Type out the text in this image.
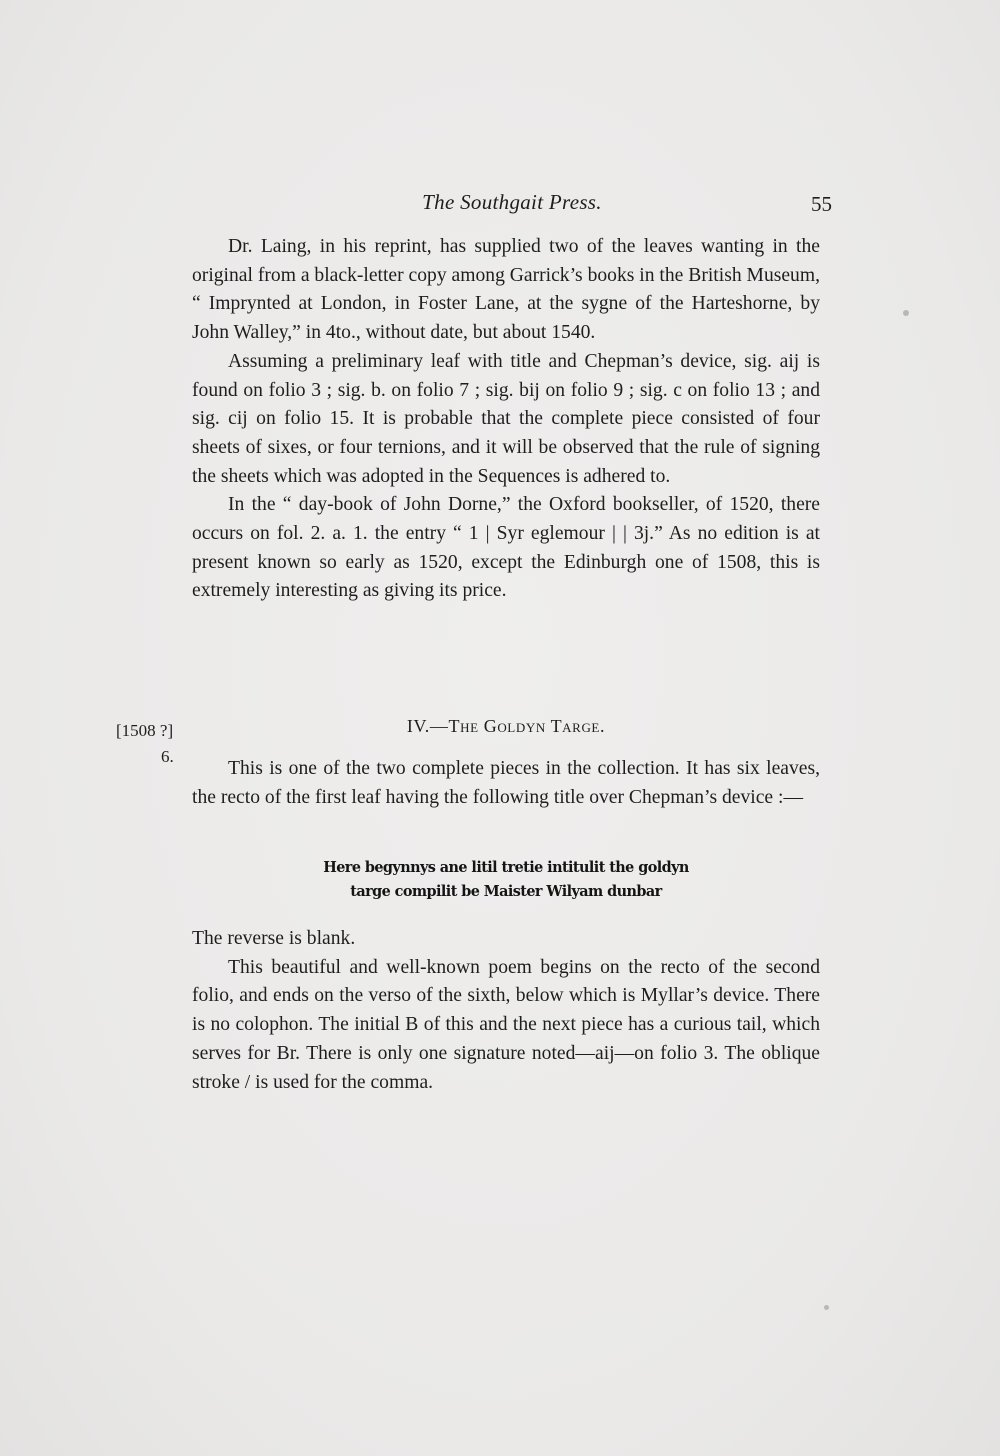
The Southgait Press.	55

Dr. Laing, in his reprint, has supplied two of the leaves wanting in the original from a black-letter copy among Garrick’s books in the British Museum, “ Imprynted at London, in Foster Lane, at the sygne of the Harteshorne, by John Walley,” in 4to., without date, but about 1540.

Assuming a preliminary leaf with title and Chepman’s device, sig. aij is found on folio 3 ; sig. b. on folio 7 ; sig. bij on folio 9 ; sig. c on folio 13 ; and sig. cij on folio 15. It is probable that the complete piece consisted of four sheets of sixes, or four ternions, and it will be observed that the rule of signing the sheets which was adopted in the Sequences is adhered to.

In the “ day-book of John Dorne,” the Oxford bookseller, of 1520, there occurs on fol. 2. a. 1. the entry “ 1 | Syr eglemour | | 3j.” As no edition is at present known so early as 1520, except the Edinburgh one of 1508, this is extremely interesting as giving its price.

[1508 ?]
6.
IV.—The Goldyn Targe.

This is one of the two complete pieces in the collection. It has six leaves, the recto of the first leaf having the following title over Chepman’s device :—

Here begynnys ane litil tretie intitulit the goldyn
targe compilit be Maister Wilyam dunbar

The reverse is blank.

This beautiful and well-known poem begins on the recto of the second folio, and ends on the verso of the sixth, below which is Myllar’s device. There is no colophon. The initial B of this and the next piece has a curious tail, which serves for Br. There is only one signature noted—aij—on folio 3. The oblique stroke / is used for the comma.
